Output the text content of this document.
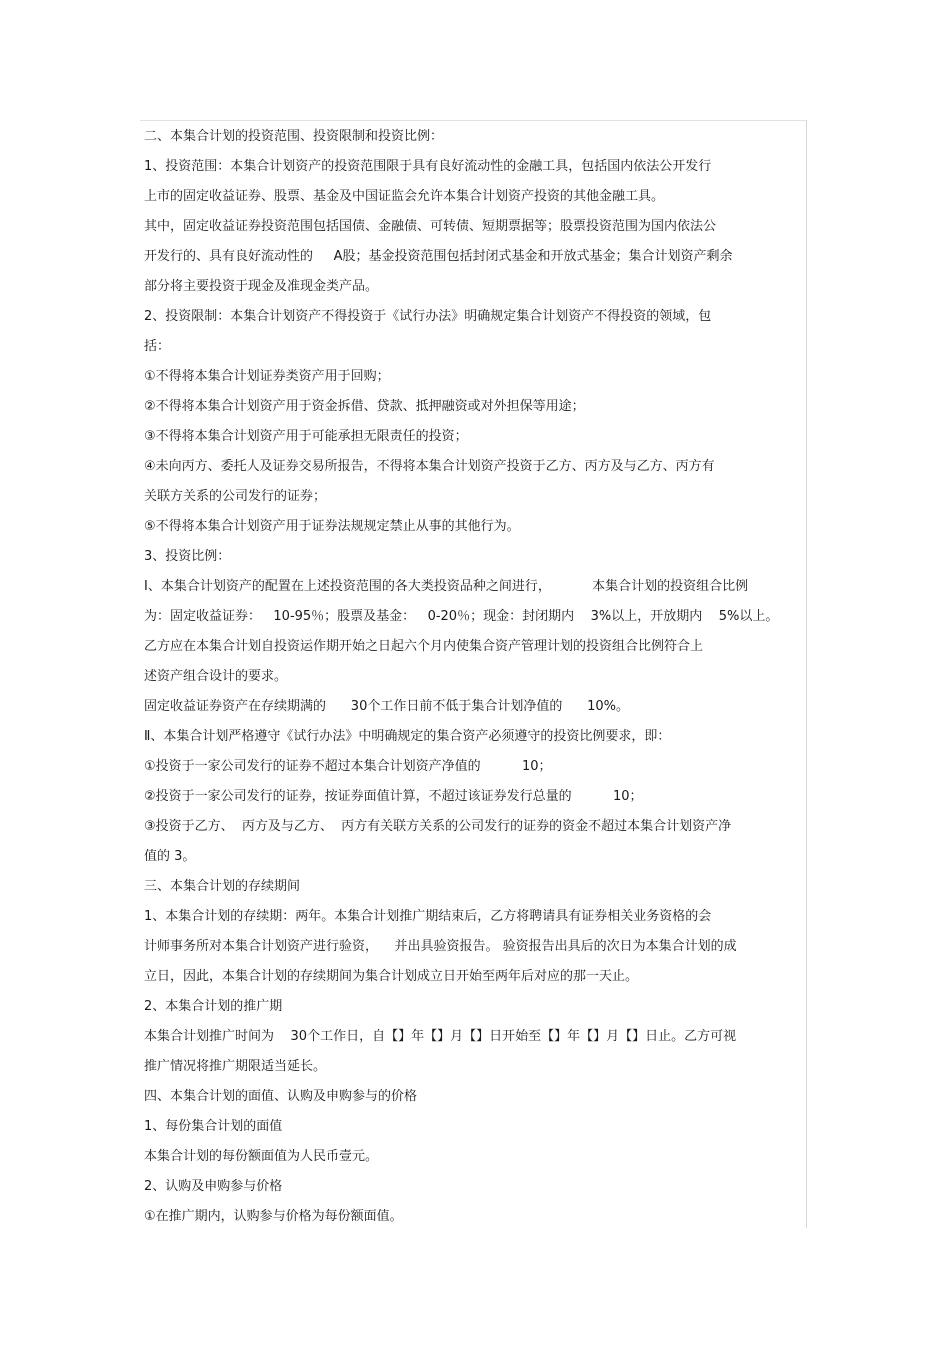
二、本集合计划的投资范围、投资限制和投资比例：
1、投资范围：本集合计划资产的投资范围限于具有良好流动性的金融工具，包括国内依法公开发行
上市的固定收益证券、股票、基金及中国证监会允许本集合计划资产投资的其他金融工具。
其中，固定收益证券投资范围包括国债、金融债、可转债、短期票据等；股票投资范围为国内依法公
开发行的、具有良好流动性的     A股；基金投资范围包括封闭式基金和开放式基金；集合计划资产剩余
部分将主要投资于现金及准现金类产品。
2、投资限制：本集合计划资产不得投资于《试行办法》明确规定集合计划资产不得投资的领域，包
括：
①不得将本集合计划证券类资产用于回购；
②不得将本集合计划资产用于资金拆借、贷款、抵押融资或对外担保等用途；
③不得将本集合计划资产用于可能承担无限责任的投资；
④未向丙方、委托人及证券交易所报告，不得将本集合计划资产投资于乙方、丙方及与乙方、丙方有
关联方关系的公司发行的证券；
⑤不得将本集合计划资产用于证券法规规定禁止从事的其他行为。
3、投资比例：
Ⅰ、本集合计划资产的配置在上述投资范围的各大类投资品种之间进行，          本集合计划的投资组合比例
为：固定收益证券：   10-95％；股票及基金：   0-20％；现金：封闭期内    3%以上，开放期内    5%以上。
乙方应在本集合计划自投资运作期开始之日起六个月内使集合资产管理计划的投资组合比例符合上
述资产组合设计的要求。
固定收益证券资产在存续期满的      30个工作日前不低于集合计划净值的      10%。
Ⅱ、本集合计划严格遵守《试行办法》中明确规定的集合资产必须遵守的投资比例要求，即：
①投资于一家公司发行的证券不超过本集合计划资产净值的          10；
②投资于一家公司发行的证券，按证券面值计算，不超过该证券发行总量的          10；
③投资于乙方、  丙方及与乙方、  丙方有关联方关系的公司发行的证券的资金不超过本集合计划资产净
值的 3。
三、本集合计划的存续期间
1、本集合计划的存续期：两年。本集合计划推广期结束后，乙方将聘请具有证券相关业务资格的会
计师事务所对本集合计划资产进行验资，    并出具验资报告。 验资报告出具后的次日为本集合计划的成
立日，因此，本集合计划的存续期间为集合计划成立日开始至两年后对应的那一天止。
2、本集合计划的推广期
本集合计划推广时间为    30个工作日，自【】年【】月【】日开始至【】年【】月【】日止。乙方可视
推广情况将推广期限适当延长。
四、本集合计划的面值、认购及申购参与的价格
1、每份集合计划的面值
本集合计划的每份额面值为人民币壹元。
2、认购及申购参与价格
①在推广期内，认购参与价格为每份额面值。
